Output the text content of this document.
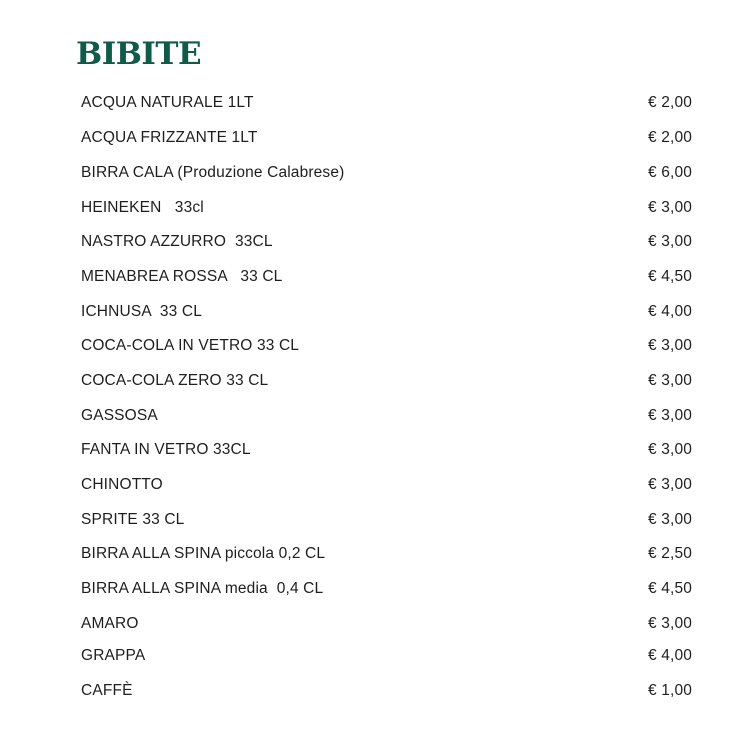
BIBITE
ACQUA NATURALE 1LT	€ 2,00
ACQUA FRIZZANTE 1LT	€ 2,00
BIRRA CALA (Produzione Calabrese)	€ 6,00
HEINEKEN   33cl	€ 3,00
NASTRO AZZURRO  33CL	€ 3,00
MENABREA ROSSA   33 CL	€ 4,50
ICHNUSA  33 CL	€ 4,00
COCA-COLA IN VETRO 33 CL	€ 3,00
COCA-COLA ZERO 33 CL	€ 3,00
GASSOSA	€ 3,00
FANTA IN VETRO 33CL	€ 3,00
CHINOTTO	€ 3,00
SPRITE 33 CL	€ 3,00
BIRRA ALLA SPINA piccola 0,2 CL	€ 2,50
BIRRA ALLA SPINA media  0,4 CL	€ 4,50
AMARO	€ 3,00
GRAPPA	€ 4,00
CAFFÈ	€ 1,00
